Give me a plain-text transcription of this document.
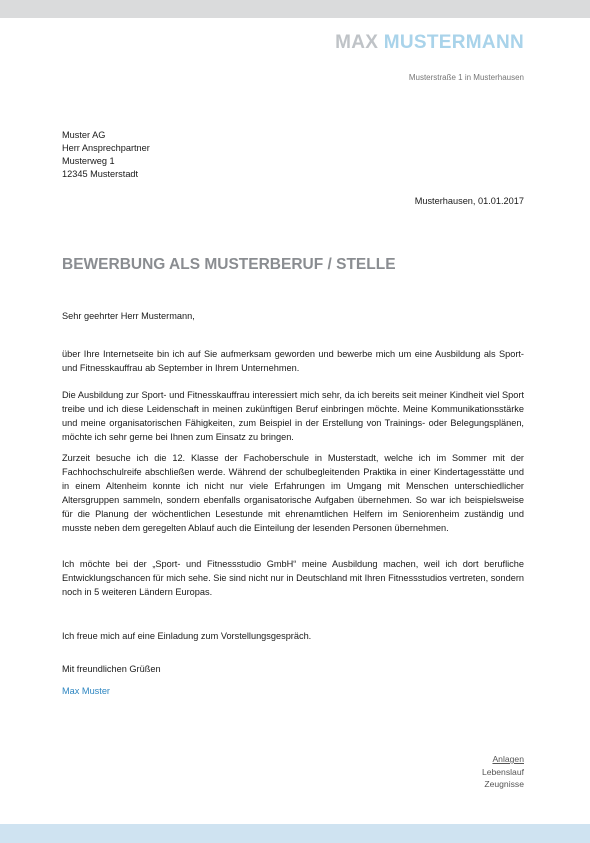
MAX MUSTERMANN
Musterstraße 1 in Musterhausen
Muster AG
Herr Ansprechpartner
Musterweg 1
12345 Musterstadt
Musterhausen, 01.01.2017
BEWERBUNG ALS MUSTERBERUF / STELLE
Sehr geehrter Herr Mustermann,
über Ihre Internetseite bin ich auf Sie aufmerksam geworden und bewerbe mich um eine Ausbildung als Sport- und Fitnesskauffrau ab September in Ihrem Unternehmen.
Die Ausbildung zur Sport- und Fitnesskauffrau interessiert mich sehr, da ich bereits seit meiner Kindheit viel Sport treibe und ich diese Leidenschaft in meinen zukünftigen Beruf einbringen möchte. Meine Kommunikationsstärke und meine organisatorischen Fähigkeiten, zum Beispiel in der Erstellung von Trainings- oder Belegungsplänen, möchte ich sehr gerne bei Ihnen zum Einsatz zu bringen.
Zurzeit besuche ich die 12. Klasse der Fachoberschule in Musterstadt, welche ich im Sommer mit der Fachhochschulreife abschließen werde. Während der schulbegleitenden Praktika in einer Kindertagesstätte und in einem Altenheim konnte ich nicht nur viele Erfahrungen im Umgang mit Menschen unterschiedlicher Altersgruppen sammeln, sondern ebenfalls organisatorische Aufgaben übernehmen. So war ich beispielsweise für die Planung der wöchentlichen Lesestunde mit ehrenamtlichen Helfern im Seniorenheim zuständig und musste neben dem geregelten Ablauf auch die Einteilung der lesenden Personen übernehmen.
Ich möchte bei der „Sport- und Fitnessstudio GmbH“ meine Ausbildung machen, weil ich dort berufliche Entwicklungschancen für mich sehe. Sie sind nicht nur in Deutschland mit Ihren Fitnessstudios vertreten, sondern noch in 5 weiteren Ländern Europas.
Ich freue mich auf eine Einladung zum Vorstellungsgespräch.
Mit freundlichen Grüßen
Max Muster
Anlagen
Lebenslauf
Zeugnisse
